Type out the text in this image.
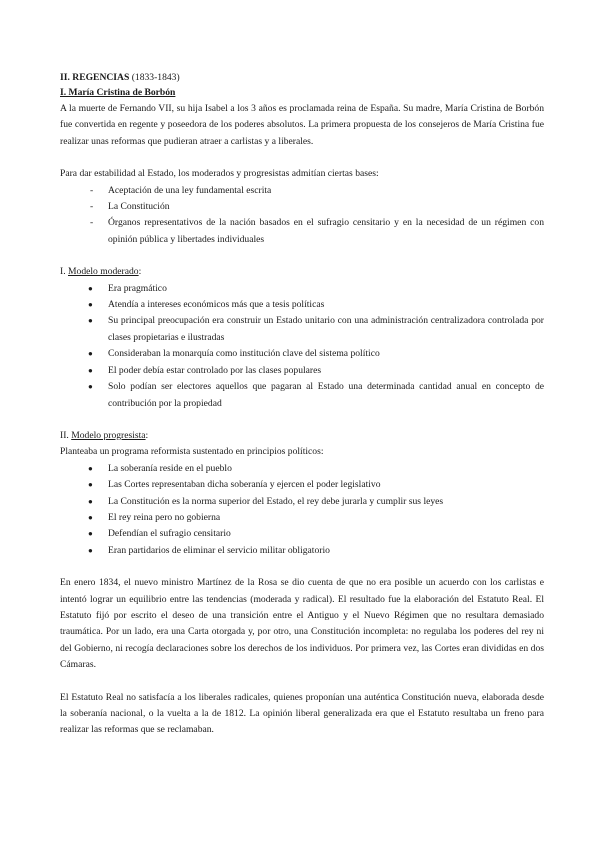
II. REGENCIAS (1833-1843)
I. María Cristina de Borbón

A la muerte de Fernando VII, su hija Isabel a los 3 años es proclamada reina de España. Su madre, María Cristina de Borbón fue convertida en regente y poseedora de los poderes absolutos. La primera propuesta de los consejeros de María Cristina fue realizar unas reformas que pudieran atraer a carlistas y a liberales.

Para dar estabilidad al Estado, los moderados y progresistas admitían ciertas bases:

- Aceptación de una ley fundamental escrita
- La Constitución
- Órganos representativos de la nación basados en el sufragio censitario y en la necesidad de un régimen con opinión pública y libertades individuales

I. Modelo moderado:

● Era pragmático
● Atendía a intereses económicos más que a tesis políticas
● Su principal preocupación era construir un Estado unitario con una administración centralizadora controlada por clases propietarias e ilustradas
● Consideraban la monarquía como institución clave del sistema político
● El poder debía estar controlado por las clases populares
● Solo podían ser electores aquellos que pagaran al Estado una determinada cantidad anual en concepto de contribución por la propiedad

II. Modelo progresista:

Planteaba un programa reformista sustentado en principios políticos:

● La soberanía reside en el pueblo
● Las Cortes representaban dicha soberanía y ejercen el poder legislativo
● La Constitución es la norma superior del Estado, el rey debe jurarla y cumplir sus leyes
● El rey reina pero no gobierna
● Defendían el sufragio censitario
● Eran partidarios de eliminar el servicio militar obligatorio

En enero 1834, el nuevo ministro Martínez de la Rosa se dio cuenta de que no era posible un acuerdo con los carlistas e intentó lograr un equilibrio entre las tendencias (moderada y radical). El resultado fue la elaboración del Estatuto Real. El Estatuto fijó por escrito el deseo de una transición entre el Antiguo y el Nuevo Régimen que no resultara demasiado traumática. Por un lado, era una Carta otorgada y, por otro, una Constitución incompleta: no regulaba los poderes del rey ni del Gobierno, ni recogía declaraciones sobre los derechos de los individuos. Por primera vez, las Cortes eran divididas en dos Cámaras.

El Estatuto Real no satisfacía a los liberales radicales, quienes proponían una auténtica Constitución nueva, elaborada desde la soberanía nacional, o la vuelta a la de 1812. La opinión liberal generalizada era que el Estatuto resultaba un freno para realizar las reformas que se reclamaban.
